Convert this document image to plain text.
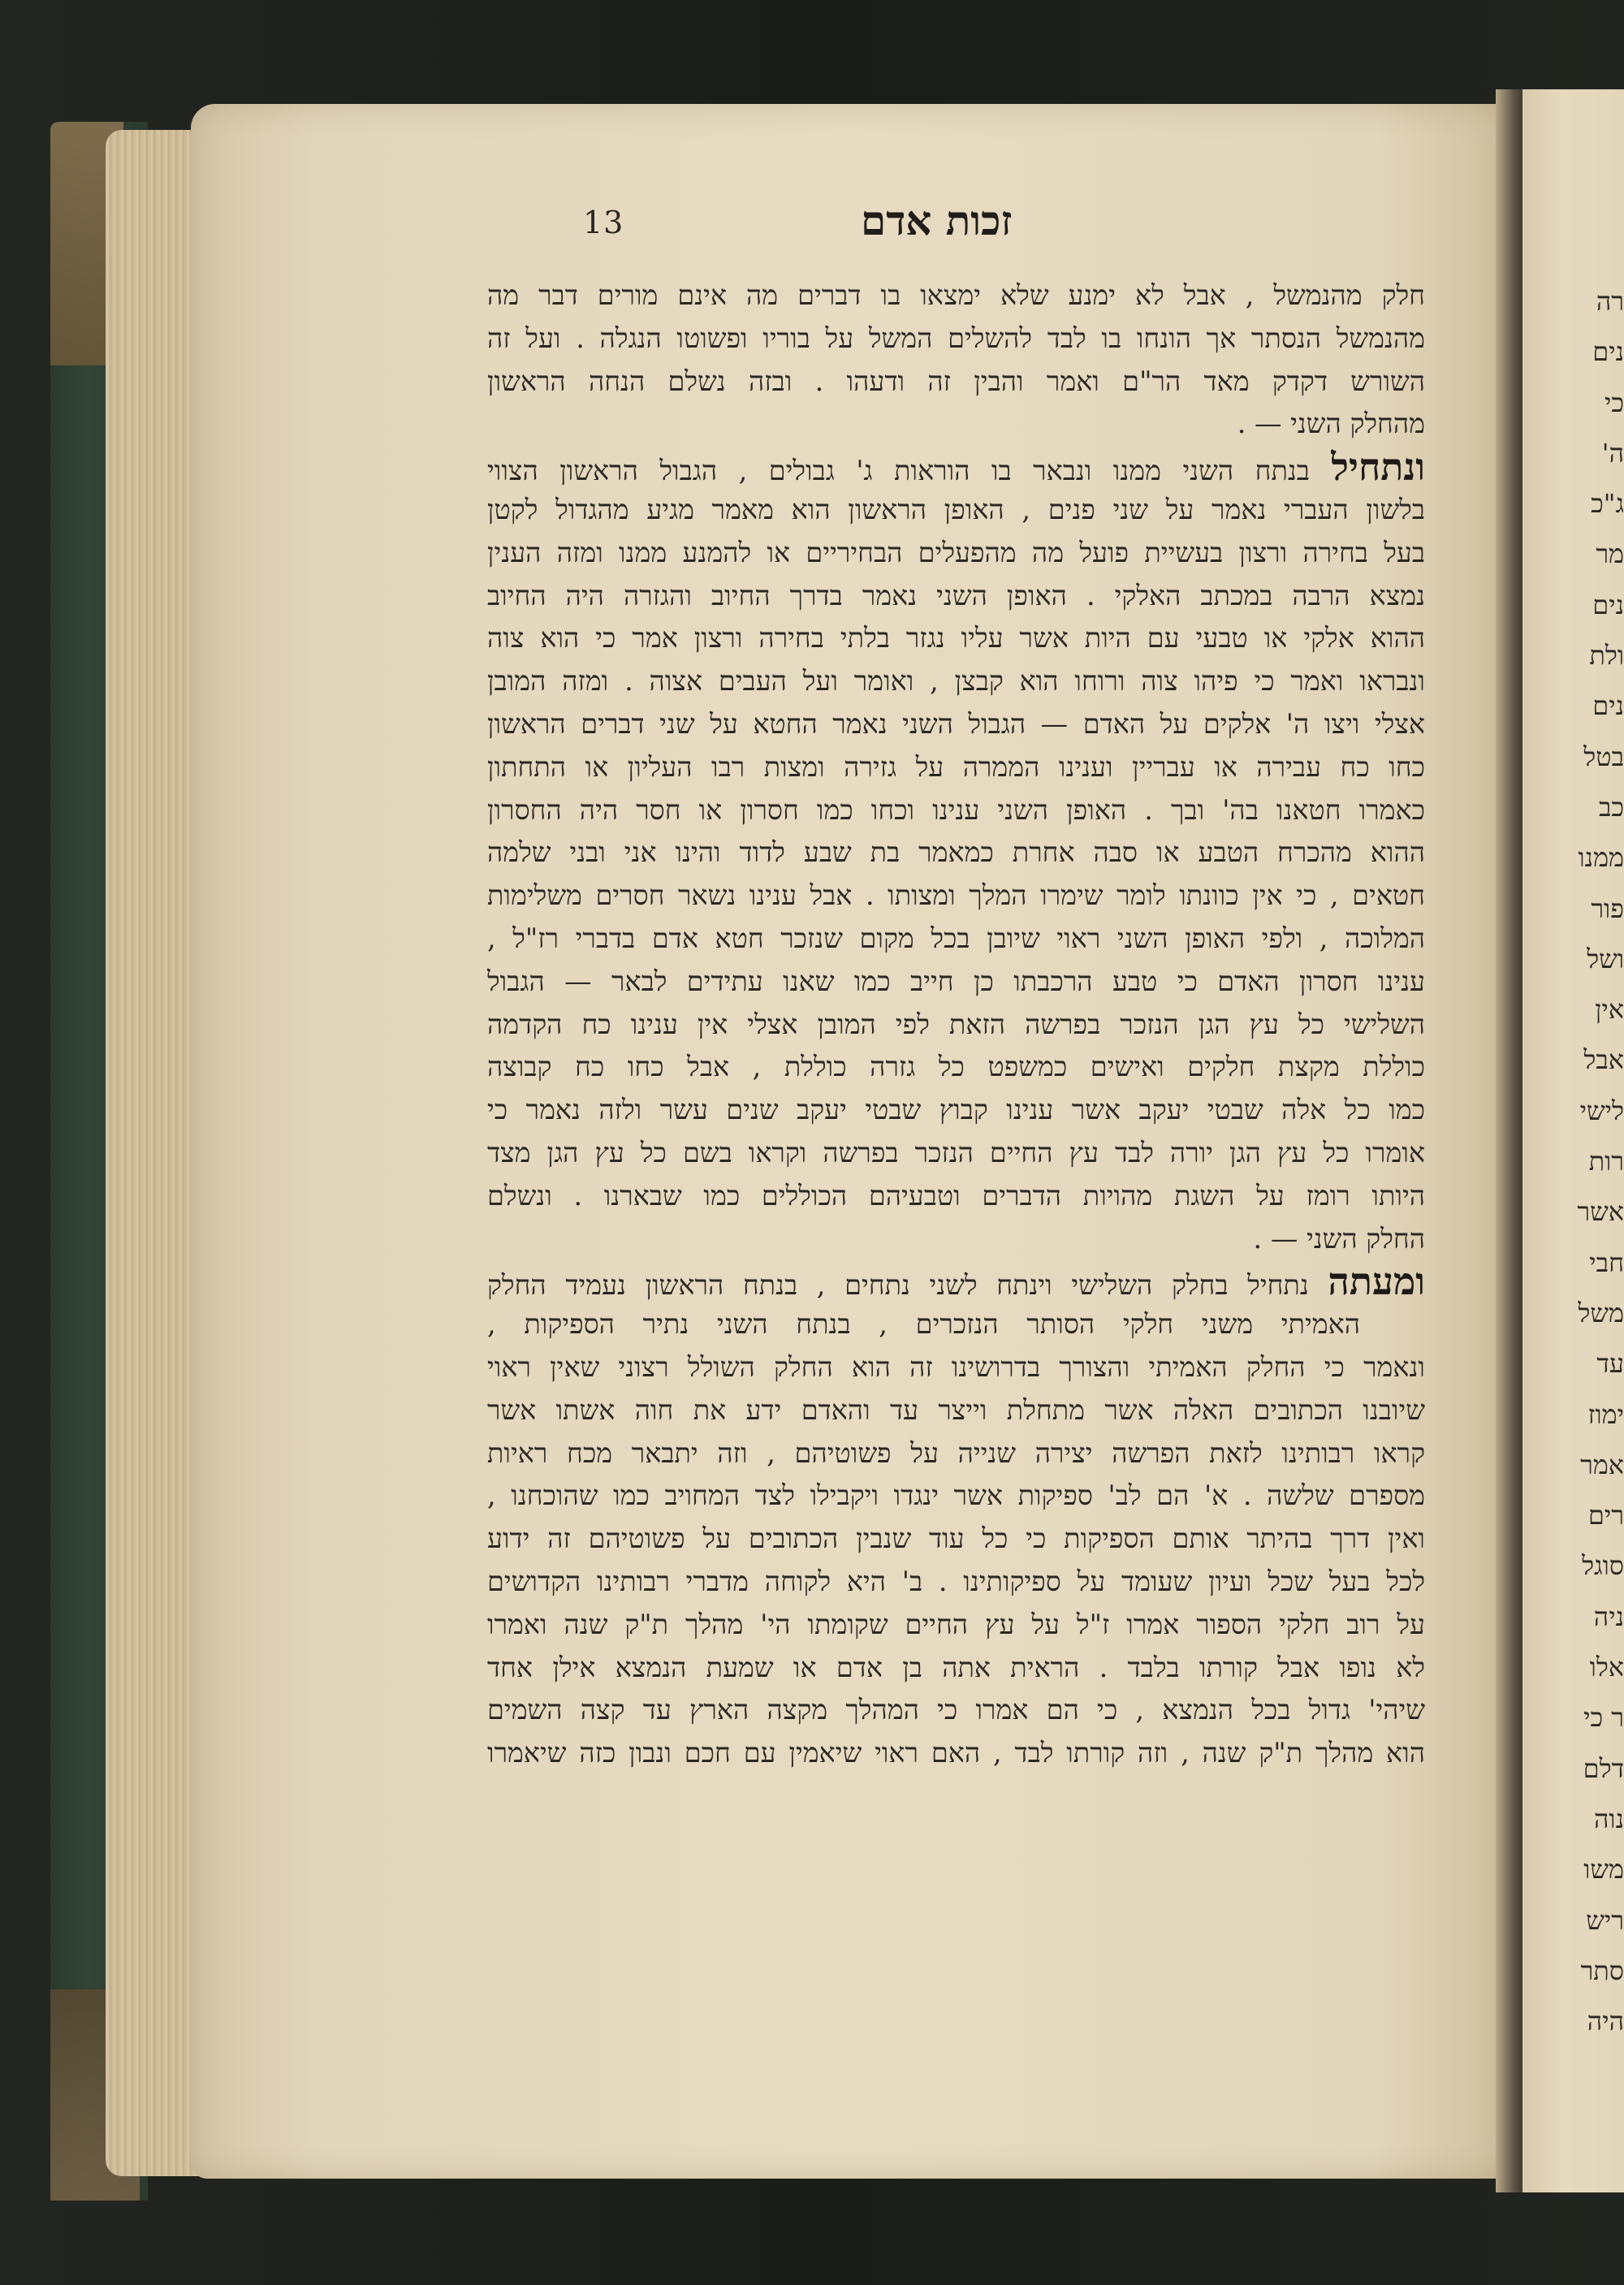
רה
נים
כי
ה'
ג"כ
מר
נים
ולת
נים
בטל
כב
ממנו
פור
ושל
אין
אבל
לישי
רות
אשר
חבי
משל
עד
ימוז
אמר
רים
סוגל
ניה
אלו
ר כי
דלם
נוה
משו
ריש
סתר
היה
13	זכות אדם
חלק מהנמשל , אבל לא ימנע שלא ימצאו בו דברים מה אינם מורים דבר מה
מהנמשל הנסתר אך הונחו בו לבד להשלים המשל על בוריו ופשוטו הנגלה . ועל זה
השורש דקדק מאד הר"ם ואמר והבין זה ודעהו . ובזה נשלם הנחה הראשון
מהחלק השני — .
ונתחיל בנתח השני ממנו ונבאר בו הוראות ג' גבולים , הגבול הראשון הצווי
בלשון העברי נאמר על שני פנים , האופן הראשון הוא מאמר מגיע מהגדול לקטן
בעל בחירה ורצון בעשיית פועל מה מהפעלים הבחיריים או להמנע ממנו ומזה הענין
נמצא הרבה במכתב האלקי . האופן השני נאמר בדרך החיוב והגזרה היה החיוב
ההוא אלקי או טבעי עם היות אשר עליו נגזר בלתי בחירה ורצון אמר כי הוא צוה
ונבראו ואמר כי פיהו צוה ורוחו הוא קבצן , ואומר ועל העבים אצוה . ומזה המובן
אצלי ויצו ה' אלקים על האדם — הגבול השני נאמר החטא על שני דברים הראשון
כחו כח עבירה או עבריין וענינו הממרה על גזירה ומצות רבו העליון או התחתון
כאמרו חטאנו בה' ובך . האופן השני ענינו וכחו כמו חסרון או חסר היה החסרון
ההוא מהכרח הטבע או סבה אחרת כמאמר בת שבע לדוד והינו אני ובני שלמה
חטאים , כי אין כוונתו לומר שימרו המלך ומצותו . אבל ענינו נשאר חסרים משלימות
המלוכה , ולפי האופן השני ראוי שיובן בכל מקום שנזכר חטא אדם בדברי רז"ל ,
ענינו חסרון האדם כי טבע הרכבתו כן חייב כמו שאנו עתידים לבאר — הגבול
השלישי כל עץ הגן הנזכר בפרשה הזאת לפי המובן אצלי אין ענינו כח הקדמה
כוללת מקצת חלקים ואישים כמשפט כל גזרה כוללת , אבל כחו כח קבוצה
כמו כל אלה שבטי יעקב אשר ענינו קבוץ שבטי יעקב שנים עשר ולזה נאמר כי
אומרו כל עץ הגן יורה לבד עץ החיים הנזכר בפרשה וקראו בשם כל עץ הגן מצד
היותו רומז על השגת מהויות הדברים וטבעיהם הכוללים כמו שבארנו . ונשלם
החלק השני — .
ומעתה נתחיל בחלק השלישי וינתח לשני נתחים , בנתח הראשון נעמיד החלק
האמיתי משני חלקי הסותר הנזכרים , בנתח השני נתיר הספיקות ,
ונאמר כי החלק האמיתי והצורך בדרושינו זה הוא החלק השולל רצוני שאין ראוי
שיובנו הכתובים האלה אשר מתחלת וייצר עד והאדם ידע את חוה אשתו אשר
קראו רבותינו לזאת הפרשה יצירה שנייה על פשוטיהם , וזה יתבאר מכח ראיות
מספרם שלשה . א' הם לב' ספיקות אשר ינגדו ויקבילו לצד המחויב כמו שהוכחנו ,
ואין דרך בהיתר אותם הספיקות כי כל עוד שנבין הכתובים על פשוטיהם זה ידוע
לכל בעל שכל ועיון שעומד על ספיקותינו . ב' היא לקוחה מדברי רבותינו הקדושים
על רוב חלקי הספור אמרו ז"ל על עץ החיים שקומתו הי' מהלך ת"ק שנה ואמרו
לא נופו אבל קורתו בלבד . הראית אתה בן אדם או שמעת הנמצא אילן אחד
שיהי' גדול בכל הנמצא , כי הם אמרו כי המהלך מקצה הארץ עד קצה השמים
הוא מהלך ת"ק שנה , וזה קורתו לבד , האם ראוי שיאמין עם חכם ונבון כזה שיאמרו
